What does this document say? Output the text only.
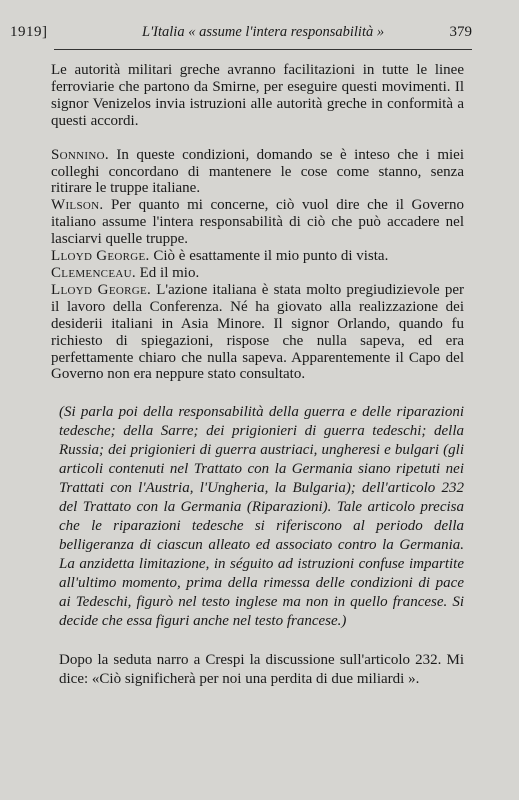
1919]	L'Italia « assume l'intera responsabilità »	379

Le autorità militari greche avranno facilitazioni in tutte le linee ferroviarie che partono da Smirne, per eseguire questi movimenti. Il signor Venizelos invia istruzioni alle autorità greche in conformità a questi accordi.

Sonnino. In queste condizioni, domando se è inteso che i miei colleghi concordano di mantenere le cose come stanno, senza ritirare le truppe italiane.

Wilson. Per quanto mi concerne, ciò vuol dire che il Governo italiano assume l'intera responsabilità di ciò che può accadere nel lasciarvi quelle truppe.

Lloyd George. Ciò è esattamente il mio punto di vista.

Clemenceau. Ed il mio.

Lloyd George. L'azione italiana è stata molto pregiudizievole per il lavoro della Conferenza. Né ha giovato alla realizzazione dei desiderii italiani in Asia Minore. Il signor Orlando, quando fu richiesto di spiegazioni, rispose che nulla sapeva, ed era perfettamente chiaro che nulla sapeva. Apparentemente il Capo del Governo non era neppure stato consultato.

(Si parla poi della responsabilità della guerra e delle riparazioni tedesche; della Sarre; dei prigionieri di guerra tedeschi; della Russia; dei prigionieri di guerra austriaci, ungheresi e bulgari (gli articoli contenuti nel Trattato con la Germania siano ripetuti nei Trattati con l'Austria, l'Ungheria, la Bulgaria); dell'articolo 232 del Trattato con la Germania (Riparazioni). Tale articolo precisa che le riparazioni tedesche si riferiscono al periodo della belligeranza di ciascun alleato ed associato contro la Germania. La anzidetta limitazione, in séguito ad istruzioni confuse impartite all'ultimo momento, prima della rimessa delle condizioni di pace ai Tedeschi, figurò nel testo inglese ma non in quello francese. Si decide che essa figuri anche nel testo francese.)

Dopo la seduta narro a Crespi la discussione sull'articolo 232. Mi dice: «Ciò significherà per noi una perdita di due miliardi ».
